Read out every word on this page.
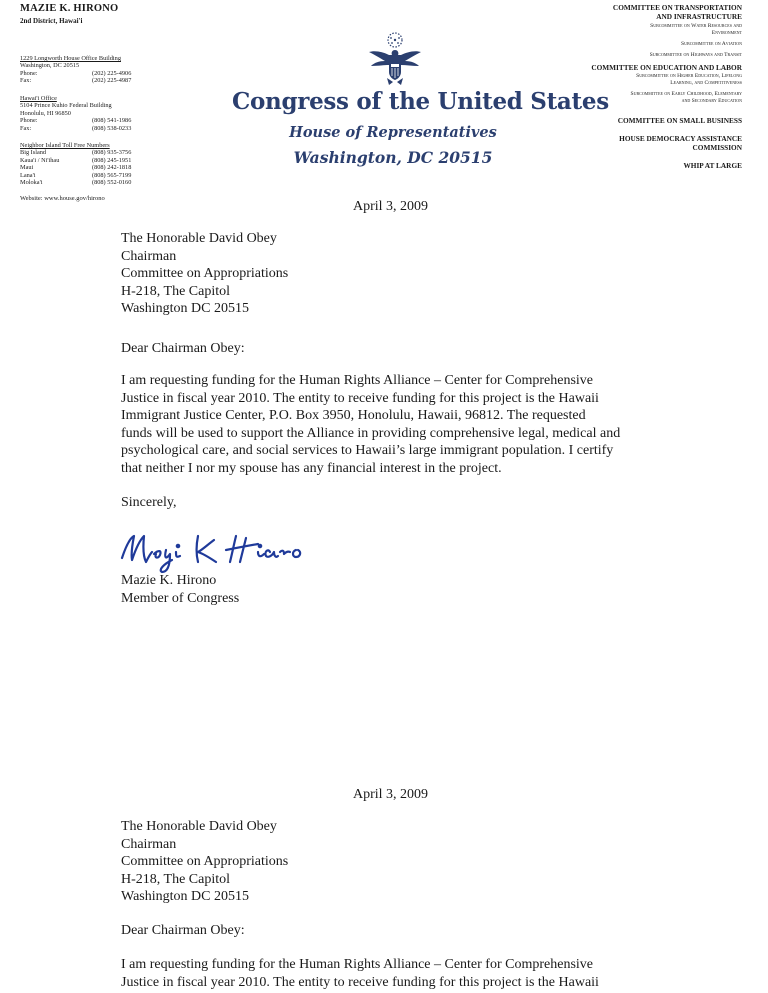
MAZIE K. HIRONO
2nd District, Hawai'i
1229 Longworth House Office Building
Washington, DC 20515
Phone:	(202) 225-4906
Fax:	(202) 225-4987
Hawai'i Office
5104 Prince Kuhio Federal Building
Honolulu, HI 96850
Phone:	(808) 541-1986
Fax:	(808) 538-0233
Neighbor Island Toll Free Numbers
Big Island	(808) 935-3756
Kaua'i / Ni'ihau	(808) 245-1951
Maui	(808) 242-1818
Lana'i	(808) 565-7199
Moloka'i	(808) 552-0160
Website: www.house.gov/hirono
Congress of the United States
House of Representatives
Washington, DC 20515
COMMITTEE ON TRANSPORTATION
AND INFRASTRUCTURE
Subcommittee on Water Resources and
Environment
Subcommittee on Aviation
Subcommittee on Highways and Transit
COMMITTEE ON EDUCATION AND LABOR
Subcommittee on Higher Education, Lifelong
Learning, and Competitiveness
Subcommittee on Early Childhood, Elementary
and Secondary Education
COMMITTEE ON SMALL BUSINESS
HOUSE DEMOCRACY ASSISTANCE
COMMISSION
WHIP AT LARGE
April 3, 2009
The Honorable David Obey
Chairman
Committee on Appropriations
H-218, The Capitol
Washington DC 20515
Dear Chairman Obey:
I am requesting funding for the Human Rights Alliance – Center for Comprehensive
Justice in fiscal year 2010. The entity to receive funding for this project is the Hawaii
Immigrant Justice Center, P.O. Box 3950, Honolulu, Hawaii, 96812. The requested
funds will be used to support the Alliance in providing comprehensive legal, medical and
psychological care, and social services to Hawaii’s large immigrant population. I certify
that neither I nor my spouse has any financial interest in the project.
Sincerely,
Mazie K. Hirono
Member of Congress
April 3, 2009
The Honorable David Obey
Chairman
Committee on Appropriations
H-218, The Capitol
Washington DC 20515
Dear Chairman Obey:
I am requesting funding for the Human Rights Alliance – Center for Comprehensive
Justice in fiscal year 2010. The entity to receive funding for this project is the Hawaii
